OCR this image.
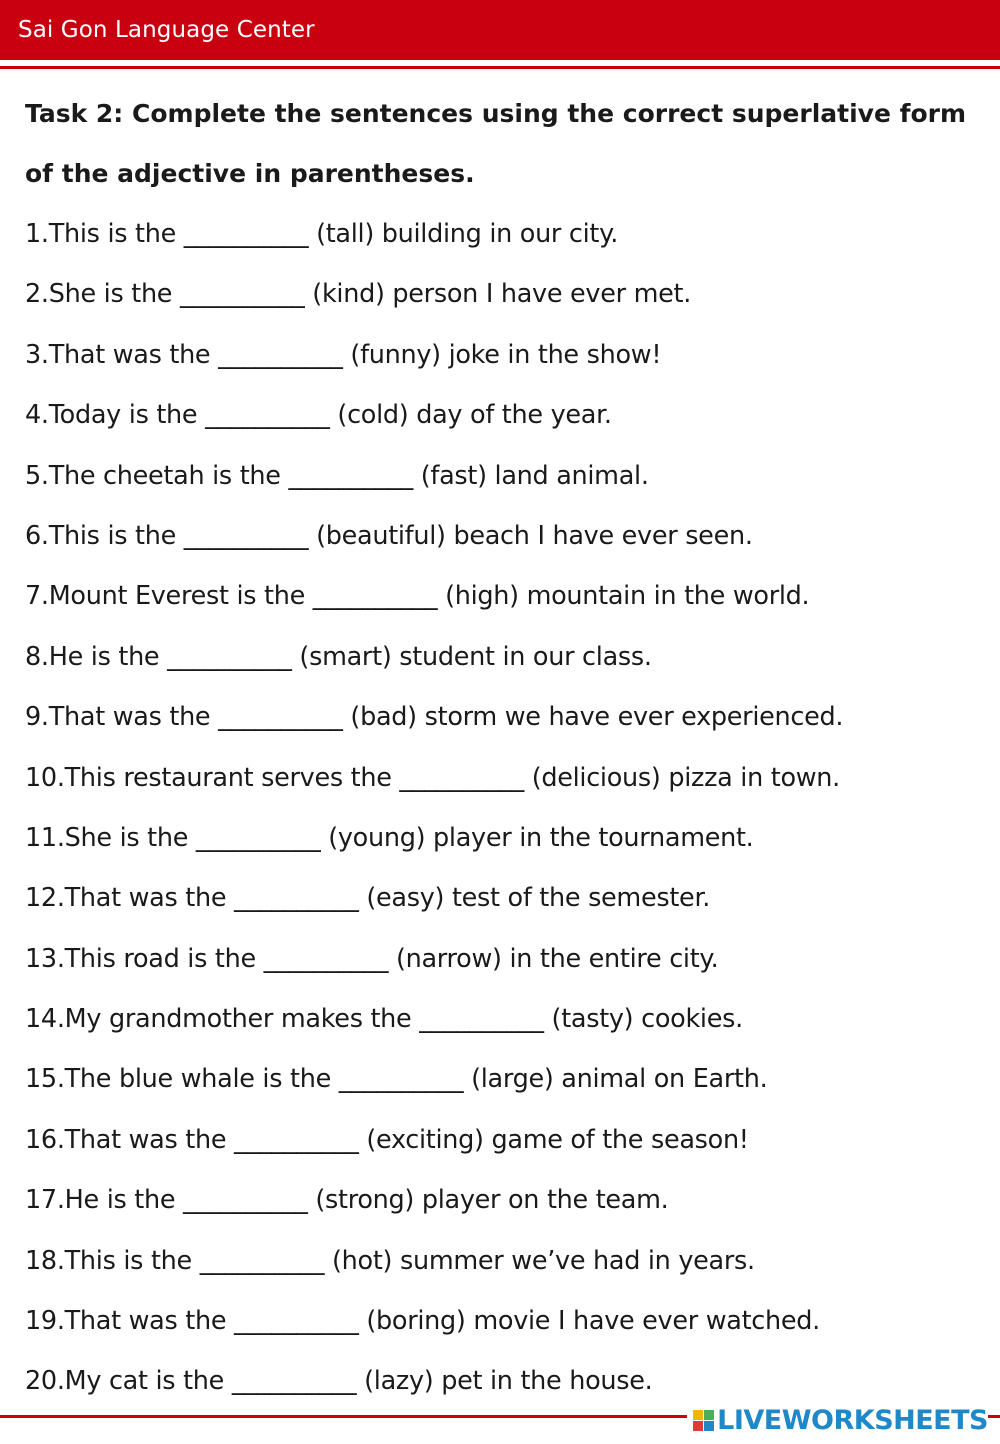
Sai Gon Language Center

Task 2: Complete the sentences using the correct superlative form of the adjective in parentheses.

1.This is the __________ (tall) building in our city.
2.She is the __________ (kind) person I have ever met.
3.That was the __________ (funny) joke in the show!
4.Today is the __________ (cold) day of the year.
5.The cheetah is the __________ (fast) land animal.
6.This is the __________ (beautiful) beach I have ever seen.
7.Mount Everest is the __________ (high) mountain in the world.
8.He is the __________ (smart) student in our class.
9.That was the __________ (bad) storm we have ever experienced.
10.This restaurant serves the __________ (delicious) pizza in town.
11.She is the __________ (young) player in the tournament.
12.That was the __________ (easy) test of the semester.
13.This road is the __________ (narrow) in the entire city.
14.My grandmother makes the __________ (tasty) cookies.
15.The blue whale is the __________ (large) animal on Earth.
16.That was the __________ (exciting) game of the season!
17.He is the __________ (strong) player on the team.
18.This is the __________ (hot) summer we’ve had in years.
19.That was the __________ (boring) movie I have ever watched.
20.My cat is the __________ (lazy) pet in the house.
LIVEWORKSHEETS
